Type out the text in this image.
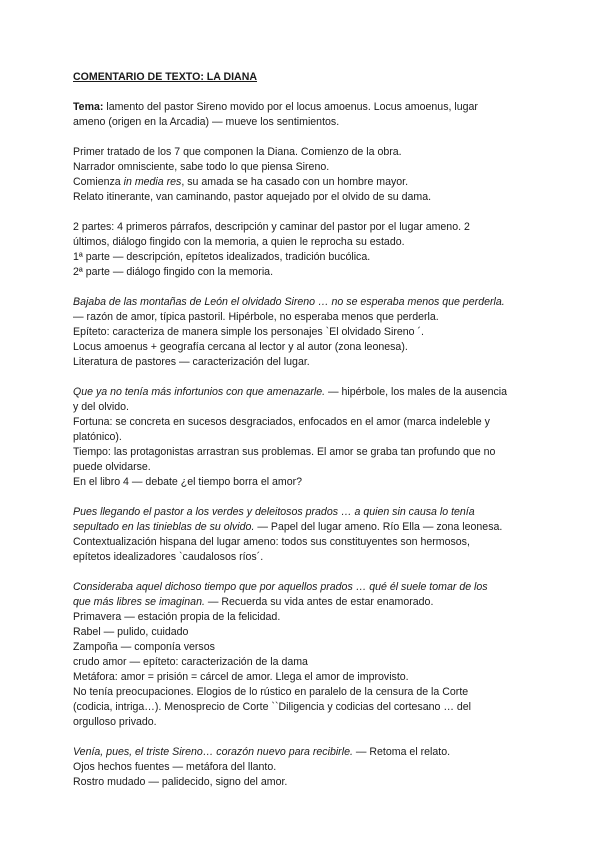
COMENTARIO DE TEXTO: LA DIANA
Tema: lamento del pastor Sireno movido por el locus amoenus. Locus amoenus, lugar
ameno (origen en la Arcadia) — mueve los sentimientos.
Primer tratado de los 7 que componen la Diana. Comienzo de la obra.
Narrador omnisciente, sabe todo lo que piensa Sireno.
Comienza in media res, su amada se ha casado con un hombre mayor.
Relato itinerante, van caminando, pastor aquejado por el olvido de su dama.
2 partes: 4 primeros párrafos, descripción y caminar del pastor por el lugar ameno. 2
últimos, diálogo fingido con la memoria, a quien le reprocha su estado.
1ª parte — descripción, epítetos idealizados, tradición bucólica.
2ª parte — diálogo fingido con la memoria.
Bajaba de las montañas de León el olvidado Sireno … no se esperaba menos que perderla.
— razón de amor, típica pastoril. Hipérbole, no esperaba menos que perderla.
Epíteto: caracteriza de manera simple los personajes `El olvidado Sireno ´.
Locus amoenus + geografía cercana al lector y al autor (zona leonesa).
Literatura de pastores — caracterización del lugar.
Que ya no tenía más infortunios con que amenazarle. — hipérbole, los males de la ausencia
y del olvido.
Fortuna: se concreta en sucesos desgraciados, enfocados en el amor (marca indeleble y
platónico).
Tiempo: las protagonistas arrastran sus problemas. El amor se graba tan profundo que no
puede olvidarse.
En el libro 4 — debate ¿el tiempo borra el amor?
Pues llegando el pastor a los verdes y deleitosos prados … a quien sin causa lo tenía
sepultado en las tinieblas de su olvido. — Papel del lugar ameno. Río Ella — zona leonesa.
Contextualización hispana del lugar ameno: todos sus constituyentes son hermosos,
epítetos idealizadores `caudalosos ríos´.
Consideraba aquel dichoso tiempo que por aquellos prados … qué él suele tomar de los
que más libres se imaginan. — Recuerda su vida antes de estar enamorado.
Primavera — estación propia de la felicidad.
Rabel — pulido, cuidado
Zampoña — componía versos
crudo amor — epíteto: caracterización de la dama
Metáfora: amor = prisión = cárcel de amor. Llega el amor de improvisto.
No tenía preocupaciones. Elogios de lo rústico en paralelo de la censura de la Corte
(codicia, intriga…). Menosprecio de Corte ``Diligencia y codicias del cortesano … del
orgulloso privado.
Venía, pues, el triste Sireno… corazón nuevo para recibirle. — Retoma el relato.
Ojos hechos fuentes — metáfora del llanto.
Rostro mudado — palidecido, signo del amor.
